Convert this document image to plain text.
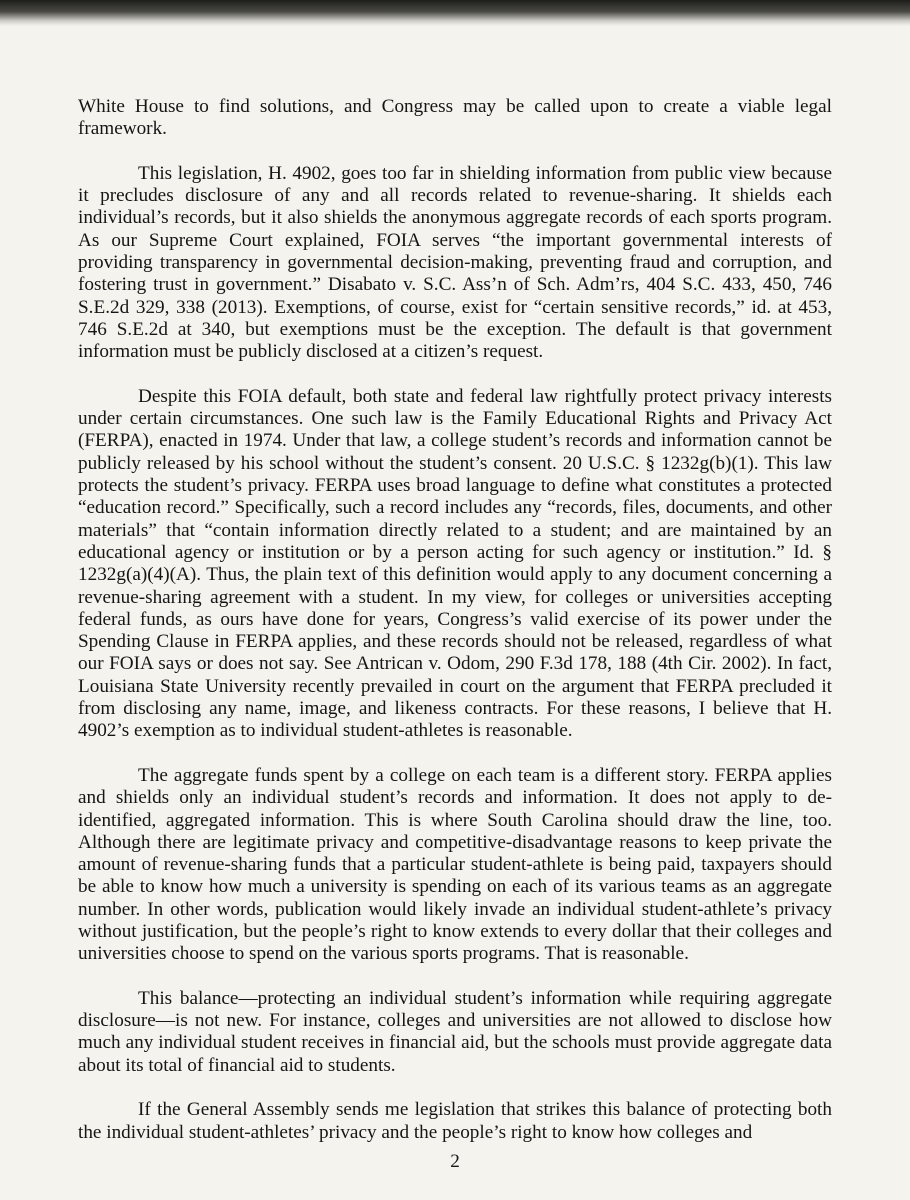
White House to find solutions, and Congress may be called upon to create a viable legal framework.

This legislation, H. 4902, goes too far in shielding information from public view because it precludes disclosure of any and all records related to revenue-sharing. It shields each individual’s records, but it also shields the anonymous aggregate records of each sports program. As our Supreme Court explained, FOIA serves “the important governmental interests of providing transparency in governmental decision-making, preventing fraud and corruption, and fostering trust in government.” Disabato v. S.C. Ass’n of Sch. Adm’rs, 404 S.C. 433, 450, 746 S.E.2d 329, 338 (2013). Exemptions, of course, exist for “certain sensitive records,” id. at 453, 746 S.E.2d at 340, but exemptions must be the exception. The default is that government information must be publicly disclosed at a citizen’s request.

Despite this FOIA default, both state and federal law rightfully protect privacy interests under certain circumstances. One such law is the Family Educational Rights and Privacy Act (FERPA), enacted in 1974. Under that law, a college student’s records and information cannot be publicly released by his school without the student’s consent. 20 U.S.C. § 1232g(b)(1). This law protects the student’s privacy. FERPA uses broad language to define what constitutes a protected “education record.” Specifically, such a record includes any “records, files, documents, and other materials” that “contain information directly related to a student; and are maintained by an educational agency or institution or by a person acting for such agency or institution.” Id. § 1232g(a)(4)(A). Thus, the plain text of this definition would apply to any document concerning a revenue-sharing agreement with a student. In my view, for colleges or universities accepting federal funds, as ours have done for years, Congress’s valid exercise of its power under the Spending Clause in FERPA applies, and these records should not be released, regardless of what our FOIA says or does not say. See Antrican v. Odom, 290 F.3d 178, 188 (4th Cir. 2002). In fact, Louisiana State University recently prevailed in court on the argument that FERPA precluded it from disclosing any name, image, and likeness contracts. For these reasons, I believe that H. 4902’s exemption as to individual student-athletes is reasonable.

The aggregate funds spent by a college on each team is a different story. FERPA applies and shields only an individual student’s records and information. It does not apply to de-identified, aggregated information. This is where South Carolina should draw the line, too. Although there are legitimate privacy and competitive-disadvantage reasons to keep private the amount of revenue-sharing funds that a particular student-athlete is being paid, taxpayers should be able to know how much a university is spending on each of its various teams as an aggregate number. In other words, publication would likely invade an individual student-athlete’s privacy without justification, but the people’s right to know extends to every dollar that their colleges and universities choose to spend on the various sports programs. That is reasonable.

This balance—protecting an individual student’s information while requiring aggregate disclosure—is not new. For instance, colleges and universities are not allowed to disclose how much any individual student receives in financial aid, but the schools must provide aggregate data about its total of financial aid to students.

If the General Assembly sends me legislation that strikes this balance of protecting both the individual student-athletes’ privacy and the people’s right to know how colleges and

2
